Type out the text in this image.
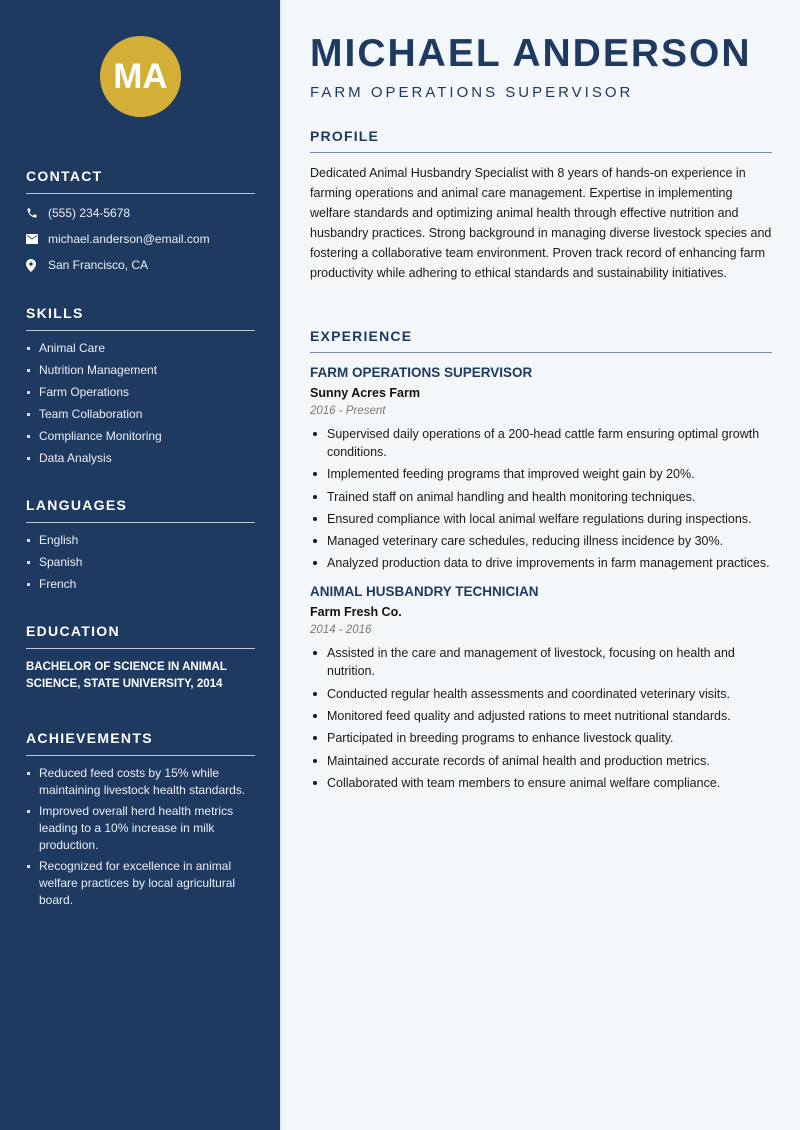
MA
CONTACT
(555) 234-5678
michael.anderson@email.com
San Francisco, CA
SKILLS
Animal Care
Nutrition Management
Farm Operations
Team Collaboration
Compliance Monitoring
Data Analysis
LANGUAGES
English
Spanish
French
EDUCATION
BACHELOR OF SCIENCE IN ANIMAL SCIENCE, STATE UNIVERSITY, 2014
ACHIEVEMENTS
Reduced feed costs by 15% while maintaining livestock health standards.
Improved overall herd health metrics leading to a 10% increase in milk production.
Recognized for excellence in animal welfare practices by local agricultural board.
MICHAEL ANDERSON
FARM OPERATIONS SUPERVISOR
PROFILE
Dedicated Animal Husbandry Specialist with 8 years of hands-on experience in farming operations and animal care management. Expertise in implementing welfare standards and optimizing animal health through effective nutrition and husbandry practices. Strong background in managing diverse livestock species and fostering a collaborative team environment. Proven track record of enhancing farm productivity while adhering to ethical standards and sustainability initiatives.
EXPERIENCE
FARM OPERATIONS SUPERVISOR
Sunny Acres Farm
2016 - Present
Supervised daily operations of a 200-head cattle farm ensuring optimal growth conditions.
Implemented feeding programs that improved weight gain by 20%.
Trained staff on animal handling and health monitoring techniques.
Ensured compliance with local animal welfare regulations during inspections.
Managed veterinary care schedules, reducing illness incidence by 30%.
Analyzed production data to drive improvements in farm management practices.
ANIMAL HUSBANDRY TECHNICIAN
Farm Fresh Co.
2014 - 2016
Assisted in the care and management of livestock, focusing on health and nutrition.
Conducted regular health assessments and coordinated veterinary visits.
Monitored feed quality and adjusted rations to meet nutritional standards.
Participated in breeding programs to enhance livestock quality.
Maintained accurate records of animal health and production metrics.
Collaborated with team members to ensure animal welfare compliance.
